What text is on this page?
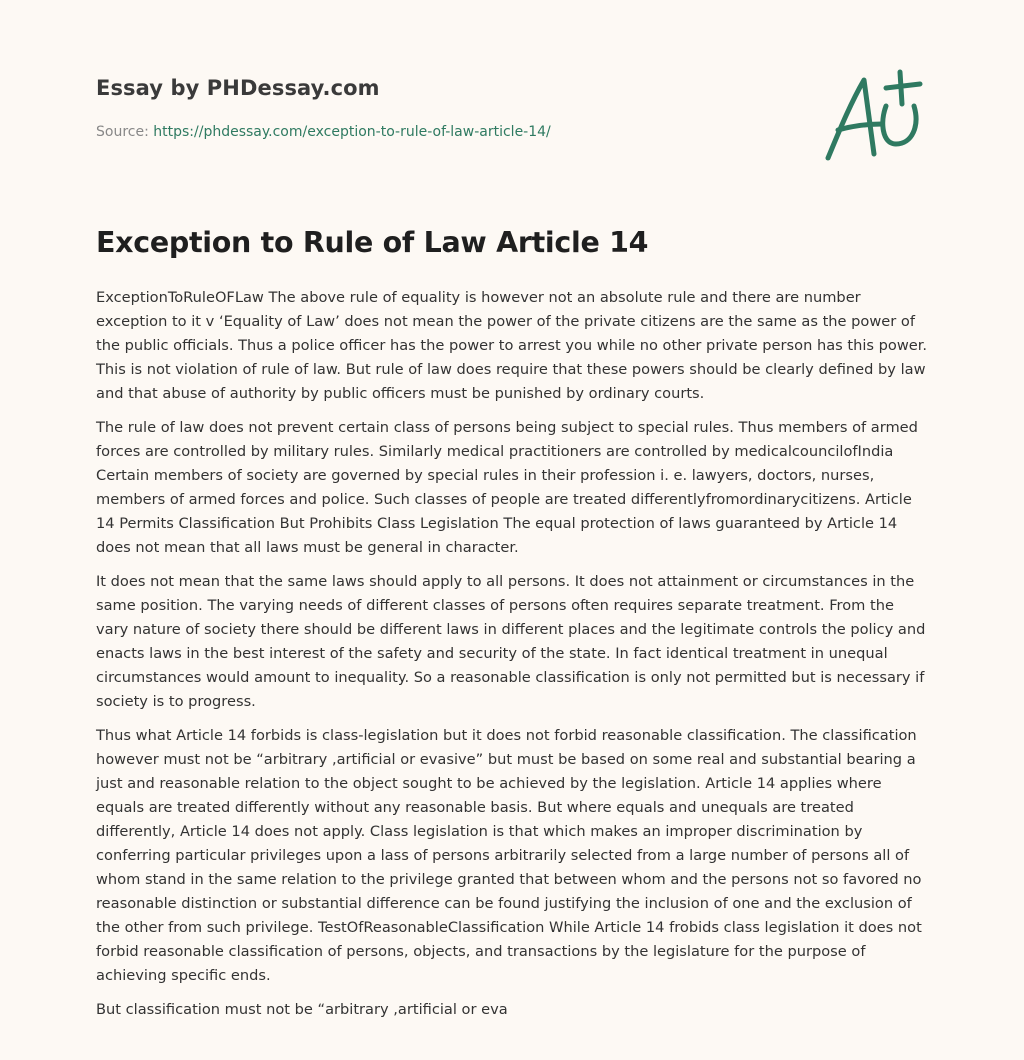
Essay by PHDessay.com

Source: https://phdessay.com/exception-to-rule-of-law-article-14/

Exception to Rule of Law Article 14

ExceptionToRuleOFLaw The above rule of equality is however not an absolute rule and there are number exception to it v ‘Equality of Law’ does not mean the power of the private citizens are the same as the power of the public officials. Thus a police officer has the power to arrest you while no other private person has this power. This is not violation of rule of law. But rule of law does require that these powers should be clearly defined by law and that abuse of authority by public officers must be punished by ordinary courts.

The rule of law does not prevent certain class of persons being subject to special rules. Thus members of armed forces are controlled by military rules. Similarly medical practitioners are controlled by medicalcouncilofIndia Certain members of society are governed by special rules in their profession i. e. lawyers, doctors, nurses, members of armed forces and police. Such classes of people are treated differentlyfromordinarycitizens. Article 14 Permits Classification But Prohibits Class Legislation The equal protection of laws guaranteed by Article 14 does not mean that all laws must be general in character.

It does not mean that the same laws should apply to all persons. It does not attainment or circumstances in the same position. The varying needs of different classes of persons often requires separate treatment. From the vary nature of society there should be different laws in different places and the legitimate controls the policy and enacts laws in the best interest of the safety and security of the state. In fact identical treatment in unequal circumstances would amount to inequality. So a reasonable classification is only not permitted but is necessary if society is to progress.

Thus what Article 14 forbids is class-legislation but it does not forbid reasonable classification. The classification however must not be “arbitrary ,artificial or evasive” but must be based on some real and substantial bearing a just and reasonable relation to the object sought to be achieved by the legislation. Article 14 applies where equals are treated differently without any reasonable basis. But where equals and unequals are treated differently, Article 14 does not apply. Class legislation is that which makes an improper discrimination by conferring particular privileges upon a lass of persons arbitrarily selected from a large number of persons all of whom stand in the same relation to the privilege granted that between whom and the persons not so favored no reasonable distinction or substantial difference can be found justifying the inclusion of one and the exclusion of the other from such privilege. TestOfReasonableClassification While Article 14 frobids class legislation it does not forbid reasonable classification of persons, objects, and transactions by the legislature for the purpose of achieving specific ends.

But classification must not be “arbitrary ,artificial or eva
